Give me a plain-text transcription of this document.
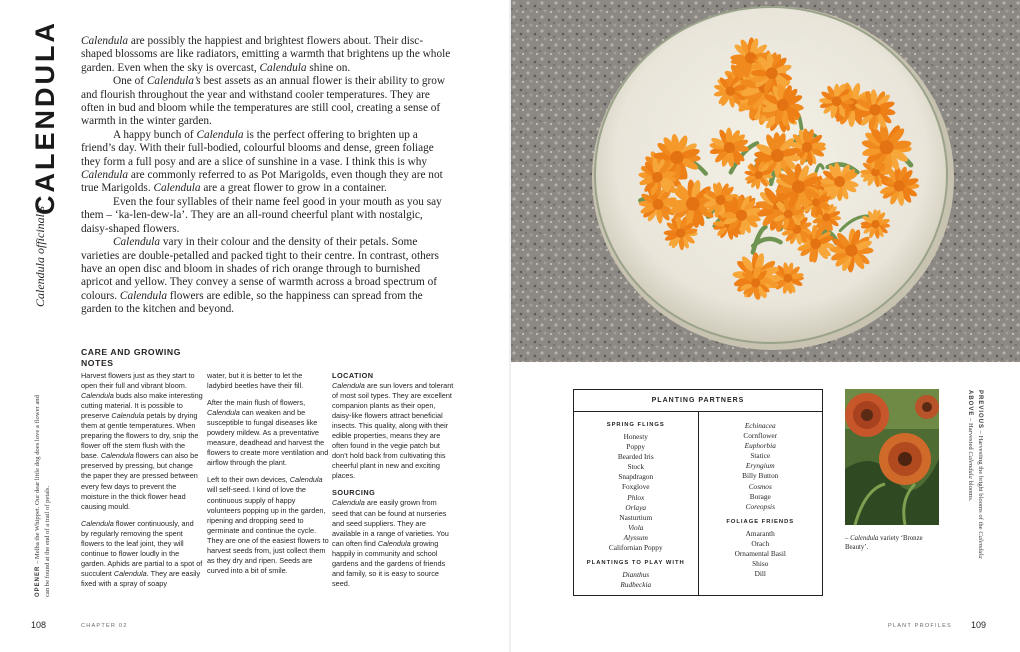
CALENDULA
Calendula officinalis

Calendula are possibly the happiest and brightest flowers about. Their disc-shaped blossoms are like radiators, emitting a warmth that brightens up the whole garden. Even when the sky is overcast, Calendula shine on.

One of Calendula’s best assets as an annual flower is their ability to grow and flourish throughout the year and withstand cooler temperatures. They are often in bud and bloom while the temperatures are still cool, creating a sense of warmth in the winter garden.

A happy bunch of Calendula is the perfect offering to brighten up a friend’s day. With their full-bodied, colourful blooms and dense, green foliage they form a full posy and are a slice of sunshine in a vase. I think this is why Calendula are commonly referred to as Pot Marigolds, even though they are not true Marigolds. Calendula are a great flower to grow in a container.

Even the four syllables of their name feel good in your mouth as you say them – ‘ka-len-dew-la’. They are an all-round cheerful plant with nostalgic, daisy-shaped flowers.

Calendula vary in their colour and the density of their petals. Some varieties are double-petalled and packed tight to their centre. In contrast, others have an open disc and bloom in shades of rich orange through to burnished apricot and yellow. They convey a sense of warmth across a broad spectrum of colours. Calendula flowers are edible, so the happiness can spread from the garden to the kitchen and beyond.

CARE AND GROWING NOTES

Harvest flowers just as they start to open their full and vibrant bloom. Calendula buds also make interesting cutting material. It is possible to preserve Calendula petals by drying them at gentle temperatures. When preparing the flowers to dry, snip the flower off the stem flush with the base. Calendula flowers can also be preserved by pressing, but change the paper they are pressed between every few days to prevent the moisture in the thick flower head causing mould.

Calendula flower continuously, and by regularly removing the spent flowers to the leaf joint, they will continue to flower loudly in the garden. Aphids are partial to a spot of succulent Calendula. They are easily fixed with a spray of soapy

water, but it is better to let the ladybird beetles have their fill.

After the main flush of flowers, Calendula can weaken and be susceptible to fungal diseases like powdery mildew. As a preventative measure, deadhead and harvest the flowers to create more ventilation and airflow through the plant.

Left to their own devices, Calendula will self-seed. I kind of love the continuous supply of happy volunteers popping up in the garden, ripening and dropping seed to germinate and continue the cycle. They are one of the easiest flowers to harvest seeds from, just collect them as they dry and ripen. Seeds are curved into a bit of smile.

LOCATION

Calendula are sun lovers and tolerant of most soil types. They are excellent companion plants as their open, daisy-like flowers attract beneficial insects. This quality, along with their edible properties, means they are often found in the vegie patch but don’t hold back from cultivating this cheerful plant in new and exciting places.

SOURCING

Calendula are easily grown from seed that can be found at nurseries and seed suppliers. They are available in a range of varieties. You can often find Calendula growing happily in community and school gardens and the gardens of friends and family, so it is easy to source seed.

OPENER – Melba the Whippet. Our dear little dog does love a flower and can be found at the end of a trail of petals.
108	CHAPTER 02
PLANTING PARTNERS
SPRING FLINGS
Honesty
Poppy
Bearded Iris
Stock
Snapdragon
Foxglove
Phlox
Orlaya
Nasturtium
Viola
Alyssum
Californian Poppy
PLANTINGS TO PLAY WITH
Dianthus
Rudbeckia
Echinacea
Cornflower
Euphorbia
Statice
Eryngium
Billy Button
Cosmos
Borage
Coreopsis
FOLIAGE FRIENDS
Amaranth
Orach
Ornamental Basil
Shiso
Dill
– Calendula variety ‘Bronze Beauty’.
PREVIOUS – Harvesting the bright blooms of the Calendula
ABOVE – Harvested Calendula blooms.
PLANT PROFILES 109
